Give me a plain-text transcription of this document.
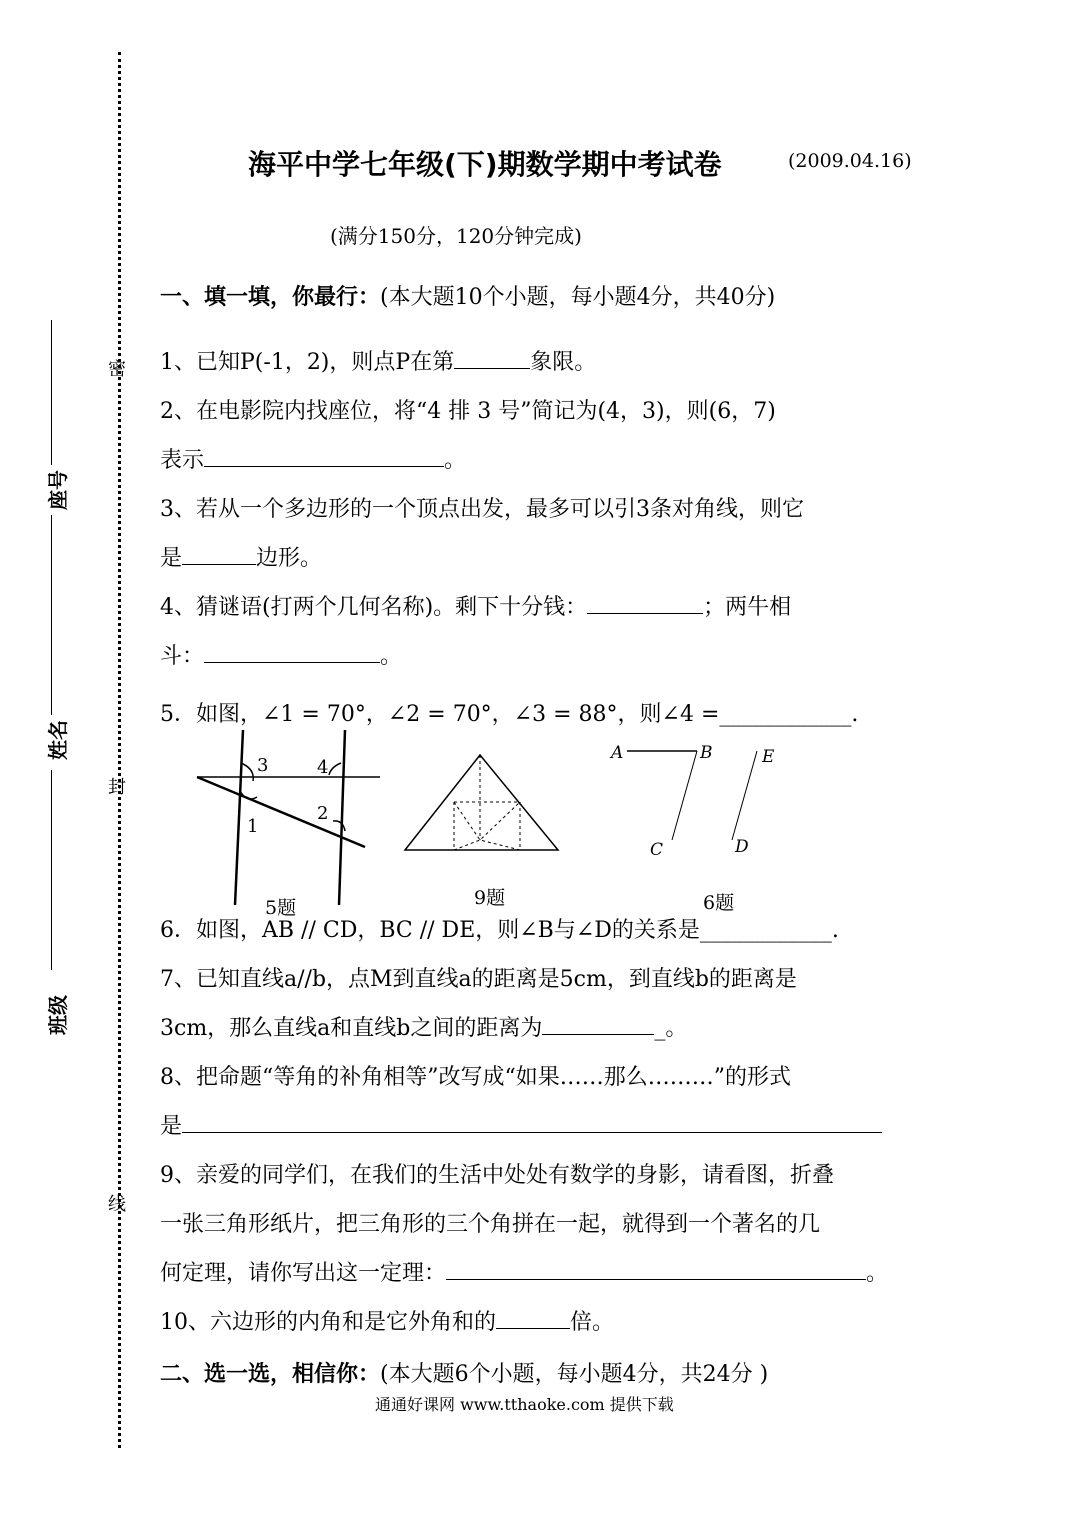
密
封
线
座号
姓名
班级
海平中学七年级(下)期数学期中考试卷	(2009.04.16)
(满分150分，120分钟完成)
一、填一填，你最行：(本大题10个小题，每小题4分，共40分)
1、已知P(-1，2)，则点P在第	象限。
2、在电影院内找座位，将“4 排 3 号”简记为(4，3)，则(6，7)
表示	。
3、若从一个多边形的一个顶点出发，最多可以引3条对角线，则它
是	边形。
4、猜谜语(打两个几何名称)。剩下十分钱：	；两牛相
斗：	。
5．如图，∠1 = 70°，∠2 = 70°，∠3 = 88°，则∠4 =____________.
3	4
1
2
5题	9题
A	B	E
C	D
6题
6．如图，AB // CD，BC // DE，则∠B与∠D的关系是____________.
7、已知直线a//b，点M到直线a的距离是5cm，到直线b的距离是
3cm，那么直线a和直线b之间的距离为	_。
8、把命题“等角的补角相等”改写成“如果……那么………”的形式
是
9、亲爱的同学们，在我们的生活中处处有数学的身影，请看图，折叠
一张三角形纸片，把三角形的三个角拼在一起，就得到一个著名的几
何定理，请你写出这一定理：	。
10、六边形的内角和是它外角和的	倍。
二、选一选，相信你：(本大题6个小题，每小题4分，共24分 )
通通好课网 www.tthaoke.com 提供下载
